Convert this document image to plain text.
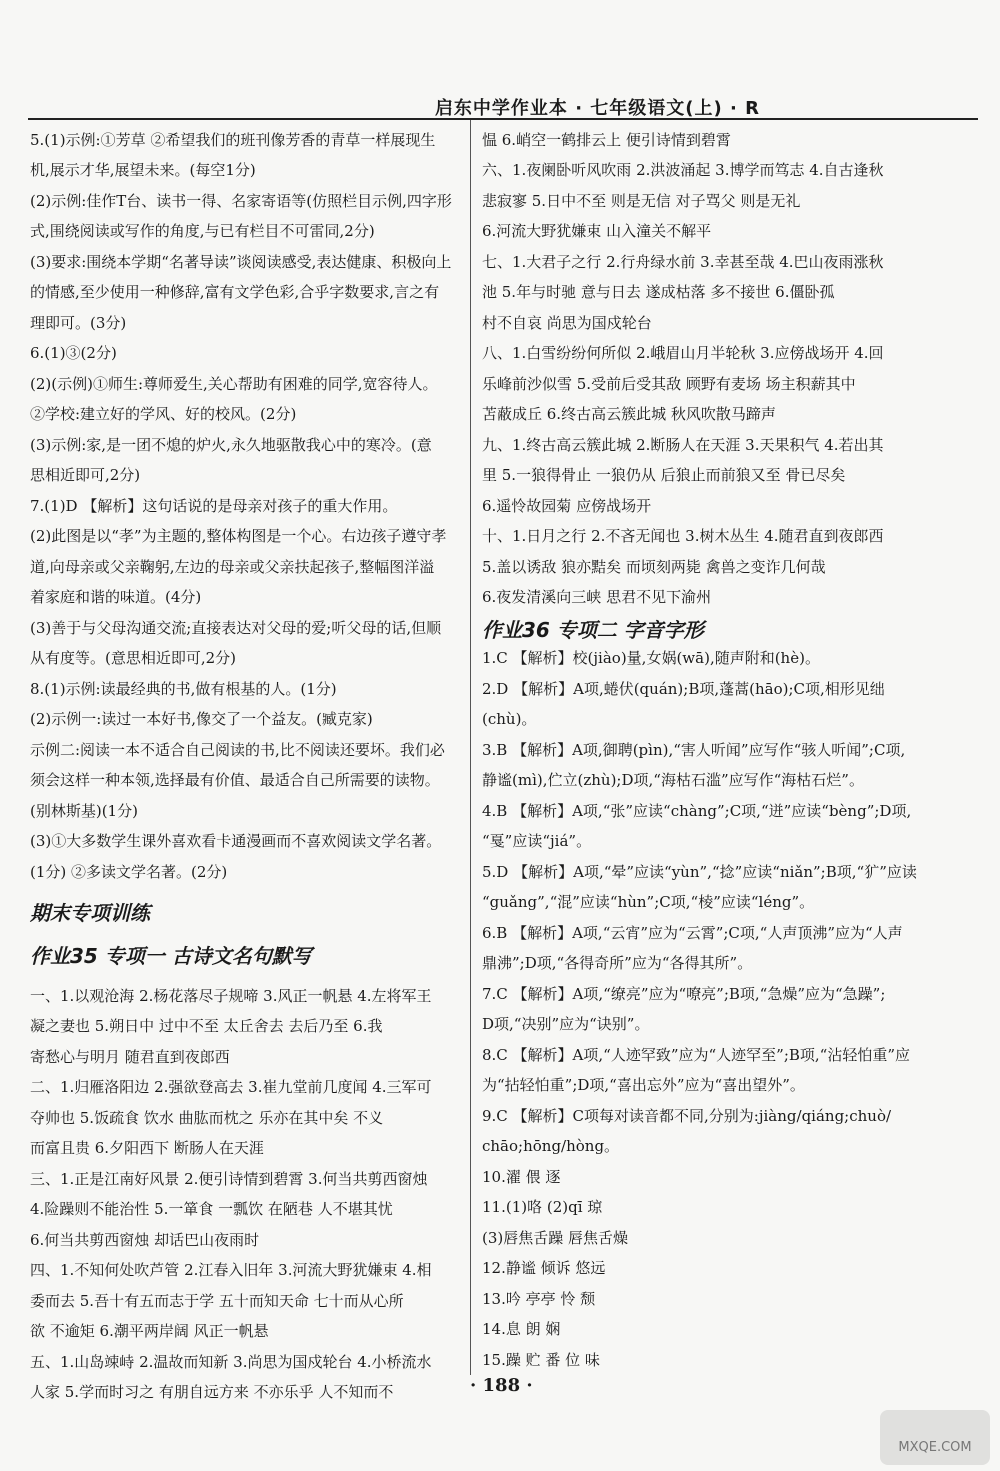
启东中学作业本 · 七年级语文(上) · R
5.(1)示例:①芳草 ②希望我们的班刊像芳香的青草一样展现生
机,展示才华,展望未来。(每空1分)
(2)示例:佳作T台、读书一得、名家寄语等(仿照栏目示例,四字形
式,围绕阅读或写作的角度,与已有栏目不可雷同,2分)
(3)要求:围绕本学期“名著导读”谈阅读感受,表达健康、积极向上
的情感,至少使用一种修辞,富有文学色彩,合乎字数要求,言之有
理即可。(3分)
6.(1)③(2分)
(2)(示例)①师生:尊师爱生,关心帮助有困难的同学,宽容待人。
②学校:建立好的学风、好的校风。(2分)
(3)示例:家,是一团不熄的炉火,永久地驱散我心中的寒冷。(意
思相近即可,2分)
7.(1)D 【解析】这句话说的是母亲对孩子的重大作用。
(2)此图是以“孝”为主题的,整体构图是一个心。右边孩子遵守孝
道,向母亲或父亲鞠躬,左边的母亲或父亲扶起孩子,整幅图洋溢
着家庭和谐的味道。(4分)
(3)善于与父母沟通交流;直接表达对父母的爱;听父母的话,但顺
从有度等。(意思相近即可,2分)
8.(1)示例:读最经典的书,做有根基的人。(1分)
(2)示例一:读过一本好书,像交了一个益友。(臧克家)
示例二:阅读一本不适合自己阅读的书,比不阅读还要坏。我们必
须会这样一种本领,选择最有价值、最适合自己所需要的读物。
(别林斯基)(1分)
(3)①大多数学生课外喜欢看卡通漫画而不喜欢阅读文学名著。
(1分) ②多读文学名著。(2分)
一、1.以观沧海 2.杨花落尽子规啼 3.风正一帆悬 4.左将军王
凝之妻也 5.朔日中 过中不至 太丘舍去 去后乃至 6.我
寄愁心与明月 随君直到夜郎西
二、1.归雁洛阳边 2.强欲登高去 3.崔九堂前几度闻 4.三军可
夺帅也 5.饭疏食 饮水 曲肱而枕之 乐亦在其中矣 不义
而富且贵 6.夕阳西下 断肠人在天涯
三、1.正是江南好风景 2.便引诗情到碧霄 3.何当共剪西窗烛
4.险躁则不能治性 5.一箪食 一瓢饮 在陋巷 人不堪其忧
6.何当共剪西窗烛 却话巴山夜雨时
四、1.不知何处吹芦管 2.江春入旧年 3.河流大野犹嫌束 4.相
委而去 5.吾十有五而志于学 五十而知天命 七十而从心所
欲 不逾矩 6.潮平两岸阔 风正一帆悬
五、1.山岛竦峙 2.温故而知新 3.尚思为国戍轮台 4.小桥流水
人家 5.学而时习之 有朋自远方来 不亦乐乎 人不知而不
期末专项训练
作业35 专项一 古诗文名句默写
愠 6.峭空一鹤排云上 便引诗情到碧霄
六、1.夜阑卧听风吹雨 2.洪波涌起 3.博学而笃志 4.自古逢秋
悲寂寥 5.日中不至 则是无信 对子骂父 则是无礼
6.河流大野犹嫌束 山入潼关不解平
七、1.大君子之行 2.行舟绿水前 3.幸甚至哉 4.巴山夜雨涨秋
池 5.年与时驰 意与日去 遂成枯落 多不接世 6.僵卧孤
村不自哀 尚思为国戍轮台
八、1.白雪纷纷何所似 2.峨眉山月半轮秋 3.应傍战场开 4.回
乐峰前沙似雪 5.受前后受其敌 顾野有麦场 场主积薪其中
苫蔽成丘 6.终古高云簇此城 秋风吹散马蹄声
九、1.终古高云簇此城 2.断肠人在天涯 3.天果积气 4.若出其
里 5.一狼得骨止 一狼仍从 后狼止而前狼又至 骨已尽矣
6.遥怜故园菊 应傍战场开
十、1.日月之行 2.不吝无闻也 3.树木丛生 4.随君直到夜郎西
5.盖以诱敌 狼亦黠矣 而顷刻两毙 禽兽之变诈几何哉
6.夜发清溪向三峡 思君不见下渝州
1.C 【解析】校(jiào)量,女娲(wā),随声附和(hè)。
2.D 【解析】A项,蜷伏(quán);B项,蓬蒿(hāo);C项,相形见绌
(chù)。
3.B 【解析】A项,御聘(pìn),“害人听闻”应写作“骇人听闻”;C项,
静谧(mì),伫立(zhù);D项,“海枯石滥”应写作“海枯石烂”。
4.B 【解析】A项,“张”应读“chàng”;C项,“迸”应读“bèng”;D项,
“戛”应读“jiá”。
5.D 【解析】A项,“晕”应读“yùn”,“捻”应读“niǎn”;B项,“犷”应读
“guǎng”,“混”应读“hùn”;C项,“棱”应读“léng”。
6.B 【解析】A项,“云宵”应为“云霄”;C项,“人声顶沸”应为“人声
鼎沸”;D项,“各得奇所”应为“各得其所”。
7.C 【解析】A项,“缭亮”应为“嘹亮”;B项,“急燥”应为“急躁”;
D项,“决别”应为“诀别”。
8.C 【解析】A项,“人迹罕致”应为“人迹罕至”;B项,“沾轻怕重”应
为“拈轻怕重”;D项,“喜出忘外”应为“喜出望外”。
9.C 【解析】C项每对读音都不同,分别为:jiàng/qiáng;chuò/
chāo;hōng/hòng。
10.濯 偎 逐
11.(1)咯 (2)qī 琼
(3)唇焦舌躁 唇焦舌燥
12.静谧 倾诉 悠远
13.吟 亭亭 怜 颓
14.息 朗 娴
15.躁 贮 番 位 味
作业36 专项二 字音字形
· 188 ·
MXQE.COM
